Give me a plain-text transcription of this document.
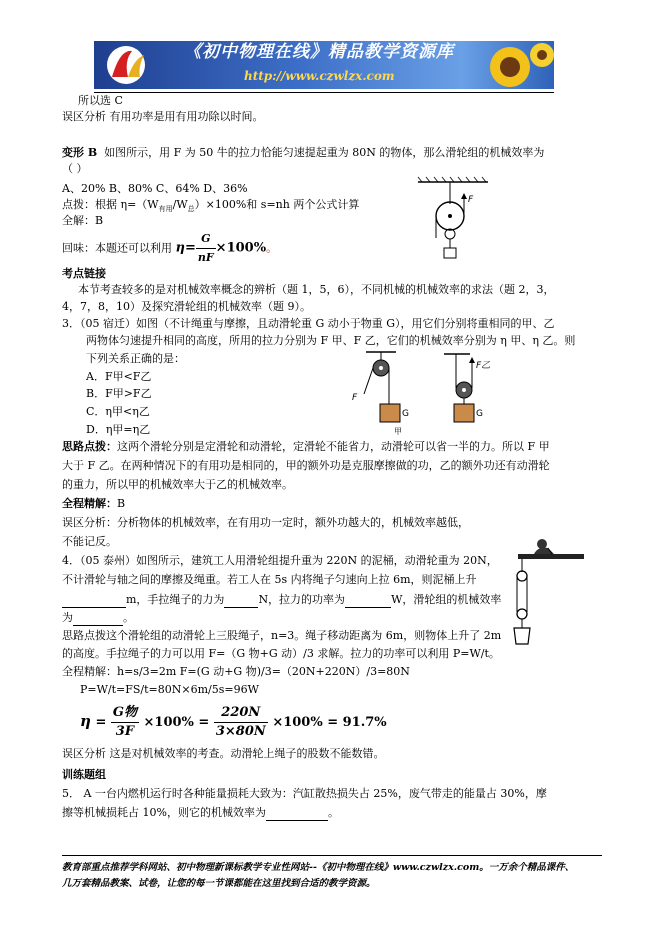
《初中物理在线》精品教学资源库
http://www.czwlzx.com
所以选 C
误区分析 有用功率是用有用功除以时间。
变形 B 如图所示，用 F 为 50 牛的拉力恰能匀速提起重为 80N 的物体，那么滑轮组的机械效率为
（ ）
A、20% B、80% C、64% D、36%
点拨：根据 $\eta=(W_{有用}/W_总)\times 100\%$和 s=nh 两个公式计算
全解：B
回味：本题还可以利用 $\eta= \frac{G}{nF} \times 100\%$。
F
考点链接
本节考查较多的是对机械效率概念的辨析（题 1，5，6），不同机械的机械效率的求法（题 2，3，
4，7，8，10）及探究滑轮组的机械效率（题 9）。
3．（05 宿迁）如图（不计绳重与摩擦，且动滑轮重 G 动小于物重 G），用它们分别将重相同的甲、乙
两物体匀速提升相同的高度，所用的拉力分别为 F 甲、F 乙，它们的机械效率分别为 η 甲、η 乙。则
下列关系正确的是：
A．F甲<F乙
B．F甲>F乙
C．η甲<η乙
D．η甲=η乙
F
G
甲
F乙
G
思路点拨：这两个滑轮分别是定滑轮和动滑轮，定滑轮不能省力，动滑轮可以省一半的力。所以 F 甲
大于 F 乙。在两种情况下的有用功是相同的，甲的额外功是克服摩擦做的功，乙的额外功还有动滑轮
的重力，所以甲的机械效率大于乙的机械效率。
全程精解：B
误区分析：分析物体的机械效率，在有用功一定时，额外功越大的，机械效率越低，
不能记反。
4．（05 泰州）如图所示，建筑工人用滑轮组提升重为 220N 的泥桶，动滑轮重为 20N，
不计滑轮与轴之间的摩擦及绳重。若工人在 5s 内将绳子匀速向上拉 6m，则泥桶上升
m，手拉绳子的力为	N，拉力的功率为	W，滑轮组的机械效率
为	。
思路点拨这个滑轮组的动滑轮上三股绳子，n=3。绳子移动距离为 6m，则物体上升了 2m
的高度。手拉绳子的力可以用 F=（G 物+G 动）/3 求解。拉力的功率可以利用 P=W/t。
全程精解：h=s/3=2m F=(G 动+G 物)/3=（20N+220N）/3=80N
P=W/t=FS/t=80N×6m/5s=96W
$\eta = \frac{\text{G物}}{3F} \times 100\% = \frac{220N}{3\times 80N} \times 100\% = 91.7\%$
误区分析 这是对机械效率的考查。动滑轮上绳子的股数不能数错。
训练题组
5． A 一台内燃机运行时各种能量损耗大致为：汽缸散热损失占 25%，废气带走的能量占 30%，摩
擦等机械损耗占 10%，则它的机械效率为	。
教育部重点推荐学科网站、初中物理新课标教学专业性网站--《初中物理在线》www.czwlzx.com。一万余个精品课件、
几万套精品教案、试卷，让您的每一节课都能在这里找到合适的教学资源。
